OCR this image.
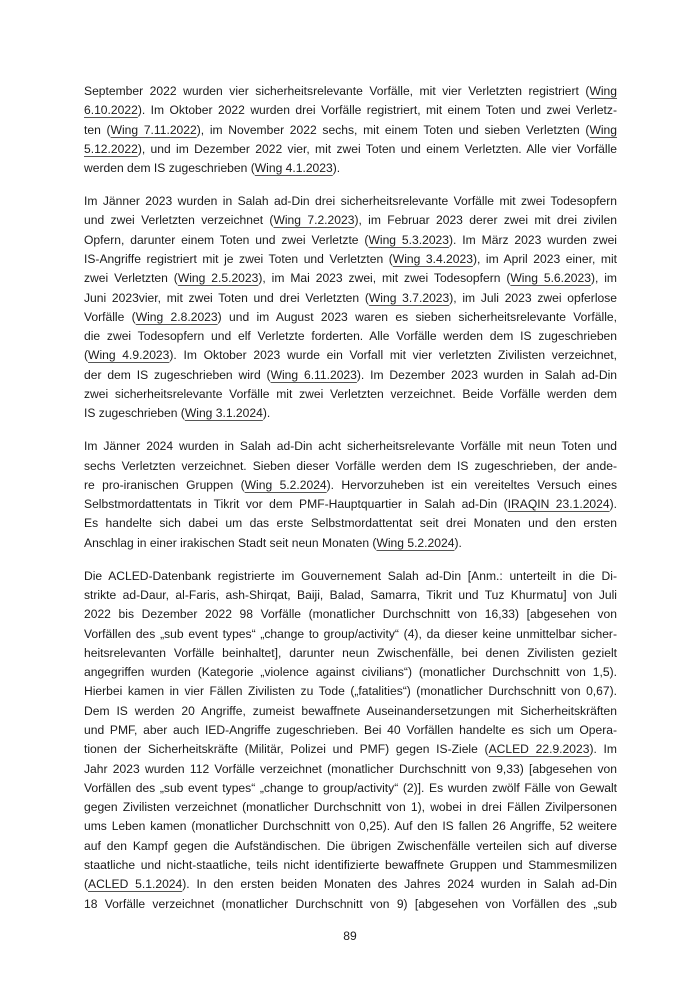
September 2022 wurden vier sicherheitsrelevante Vorfälle, mit vier Verletzten registriert (Wing
6.10.2022). Im Oktober 2022 wurden drei Vorfälle registriert, mit einem Toten und zwei Verletz-
ten (Wing 7.11.2022), im November 2022 sechs, mit einem Toten und sieben Verletzten (Wing
5.12.2022), und im Dezember 2022 vier, mit zwei Toten und einem Verletzten. Alle vier Vorfälle
werden dem IS zugeschrieben (Wing 4.1.2023).
Im Jänner 2023 wurden in Salah ad-Din drei sicherheitsrelevante Vorfälle mit zwei Todesopfern
und zwei Verletzten verzeichnet (Wing 7.2.2023), im Februar 2023 derer zwei mit drei zivilen
Opfern, darunter einem Toten und zwei Verletzte (Wing 5.3.2023). Im März 2023 wurden zwei
IS-Angriffe registriert mit je zwei Toten und Verletzten (Wing 3.4.2023), im April 2023 einer, mit
zwei Verletzten (Wing 2.5.2023), im Mai 2023 zwei, mit zwei Todesopfern (Wing 5.6.2023), im
Juni 2023vier, mit zwei Toten und drei Verletzten (Wing 3.7.2023), im Juli 2023 zwei opferlose
Vorfälle (Wing 2.8.2023) und im August 2023 waren es sieben sicherheitsrelevante Vorfälle,
die zwei Todesopfern und elf Verletzte forderten. Alle Vorfälle werden dem IS zugeschrieben
(Wing 4.9.2023). Im Oktober 2023 wurde ein Vorfall mit vier verletzten Zivilisten verzeichnet,
der dem IS zugeschrieben wird (Wing 6.11.2023). Im Dezember 2023 wurden in Salah ad-Din
zwei sicherheitsrelevante Vorfälle mit zwei Verletzten verzeichnet. Beide Vorfälle werden dem
IS zugeschrieben (Wing 3.1.2024).
Im Jänner 2024 wurden in Salah ad-Din acht sicherheitsrelevante Vorfälle mit neun Toten und
sechs Verletzten verzeichnet. Sieben dieser Vorfälle werden dem IS zugeschrieben, der ande-
re pro-iranischen Gruppen (Wing 5.2.2024). Hervorzuheben ist ein vereiteltes Versuch eines
Selbstmordattentats in Tikrit vor dem PMF-Hauptquartier in Salah ad-Din (IRAQIN 23.1.2024).
Es handelte sich dabei um das erste Selbstmordattentat seit drei Monaten und den ersten
Anschlag in einer irakischen Stadt seit neun Monaten (Wing 5.2.2024).
Die ACLED-Datenbank registrierte im Gouvernement Salah ad-Din [Anm.: unterteilt in die Di-
strikte ad-Daur, al-Faris, ash-Shirqat, Baiji, Balad, Samarra, Tikrit und Tuz Khurmatu] von Juli
2022 bis Dezember 2022 98 Vorfälle (monatlicher Durchschnitt von 16,33) [abgesehen von
Vorfällen des „sub event types“ „change to group/activity“ (4), da dieser keine unmittelbar sicher-
heitsrelevanten Vorfälle beinhaltet], darunter neun Zwischenfälle, bei denen Zivilisten gezielt
angegriffen wurden (Kategorie „violence against civilians“) (monatlicher Durchschnitt von 1,5).
Hierbei kamen in vier Fällen Zivilisten zu Tode („fatalities“) (monatlicher Durchschnitt von 0,67).
Dem IS werden 20 Angriffe, zumeist bewaffnete Auseinandersetzungen mit Sicherheitskräften
und PMF, aber auch IED-Angriffe zugeschrieben. Bei 40 Vorfällen handelte es sich um Opera-
tionen der Sicherheitskräfte (Militär, Polizei und PMF) gegen IS-Ziele (ACLED 22.9.2023). Im
Jahr 2023 wurden 112 Vorfälle verzeichnet (monatlicher Durchschnitt von 9,33) [abgesehen von
Vorfällen des „sub event types“ „change to group/activity“ (2)]. Es wurden zwölf Fälle von Gewalt
gegen Zivilisten verzeichnet (monatlicher Durchschnitt von 1), wobei in drei Fällen Zivilpersonen
ums Leben kamen (monatlicher Durchschnitt von 0,25). Auf den IS fallen 26 Angriffe, 52 weitere
auf den Kampf gegen die Aufständischen. Die übrigen Zwischenfälle verteilen sich auf diverse
staatliche und nicht-staatliche, teils nicht identifizierte bewaffnete Gruppen und Stammesmilizen
(ACLED 5.1.2024). In den ersten beiden Monaten des Jahres 2024 wurden in Salah ad-Din
18 Vorfälle verzeichnet (monatlicher Durchschnitt von 9) [abgesehen von Vorfällen des „sub
89
